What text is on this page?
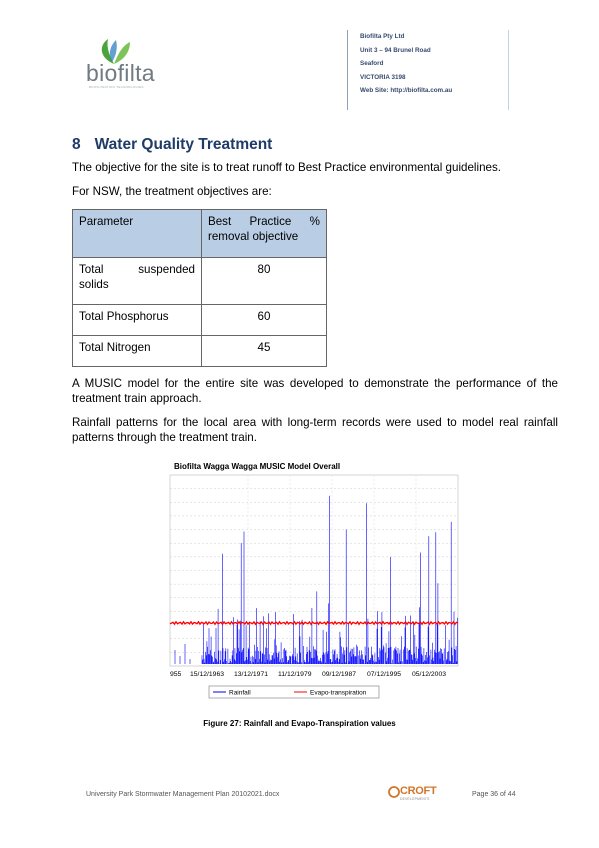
biofilta
BIOFILTRATION TECHNOLOGIES
Biofilta Pty Ltd
Unit 3 – 94 Brunel Road
Seaford
VICTORIA 3198
Web Site: http://biofilta.com.au
8 Water Quality Treatment
The objective for the site is to treat runoff to Best Practice environmental guidelines.
For NSW, the treatment objectives are:
Parameter	Best Practice % removal objective

Total suspended solids	80
Total Phosphorus	60
Total Nitrogen	45
A MUSIC model for the entire site was developed to demonstrate the performance of the treatment train approach.
Rainfall patterns for the local area with long-term records were used to model real rainfall patterns through the treatment train.
Biofilta Wagga Wagga MUSIC Model Overall
955 15/12/1963 13/12/1971 11/12/1979 09/12/1987 07/12/1995 05/12/2003
Rainfall	Evapo-transpiration
Figure 27: Rainfall and Evapo-Transpiration values
University Park Stormwater Management Plan 20102021.docx	CROFT
DEVELOPMENTS
Page 36 of 44
